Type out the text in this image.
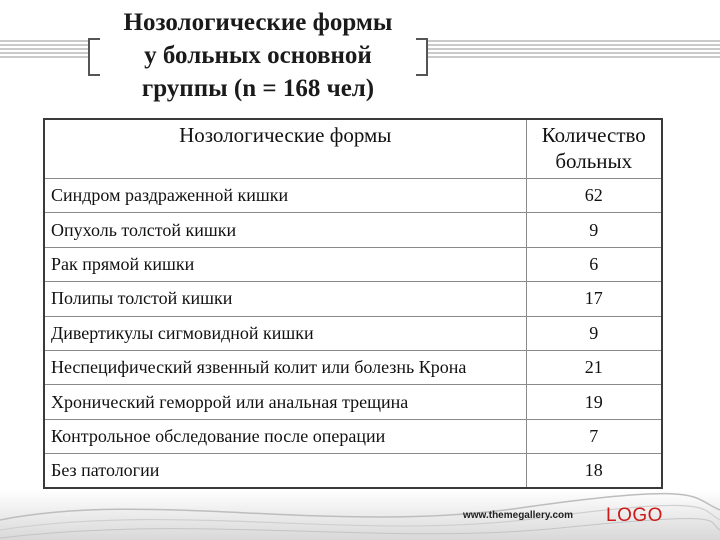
Нозологические формы
у больных основной
группы (n = 168 чел)
Нозологические формы	Количество
больных

Синдром раздраженной кишки	62
Опухоль толстой кишки	9
Рак прямой кишки	6
Полипы толстой кишки	17
Дивертикулы сигмовидной кишки	9
Неспецифический язвенный колит или болезнь Крона	21
Хронический геморрой или анальная трещина	19
Контрольное обследование после операции	7
Без патологии	18
www.themegallery.com LOGO
